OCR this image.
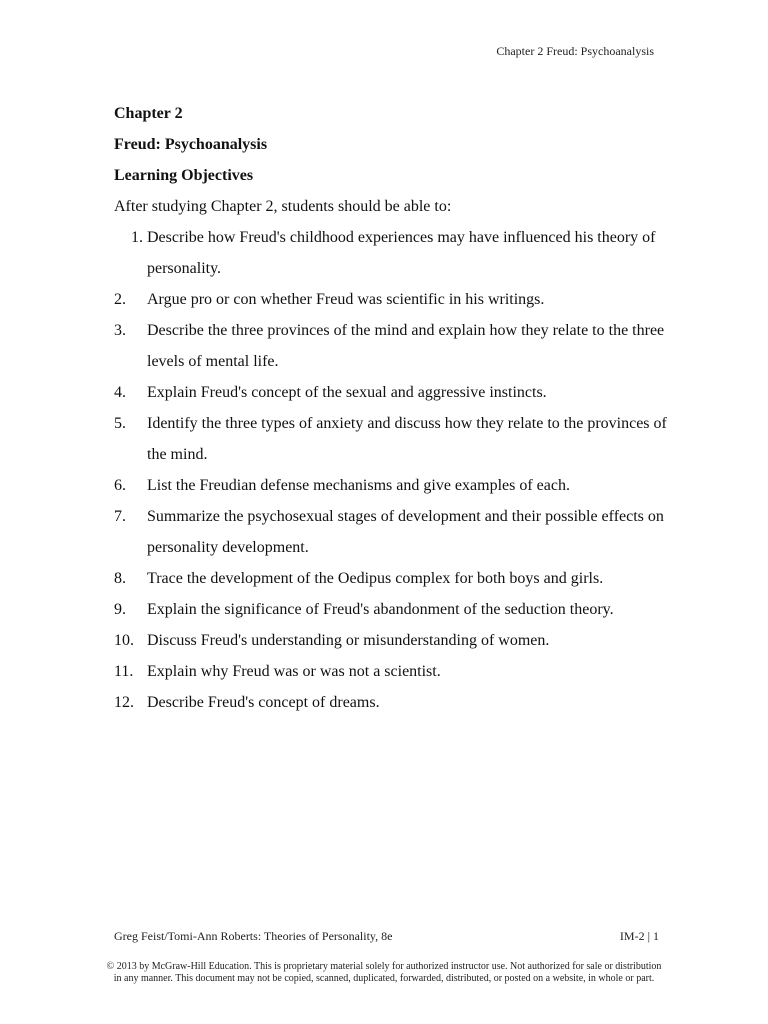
Chapter 2 Freud: Psychoanalysis
Chapter 2
Freud: Psychoanalysis
Learning Objectives
After studying Chapter 2, students should be able to:
1. Describe how Freud's childhood experiences may have influenced his theory of personality.
2.	Argue pro or con whether Freud was scientific in his writings.
3.	Describe the three provinces of the mind and explain how they relate to the three levels of mental life.
4.	Explain Freud's concept of the sexual and aggressive instincts.
5.	Identify the three types of anxiety and discuss how they relate to the provinces of the mind.
6.	List the Freudian defense mechanisms and give examples of each.
7.	Summarize the psychosexual stages of development and their possible effects on personality development.
8.	Trace the development of the Oedipus complex for both boys and girls.
9.	Explain the significance of Freud's abandonment of the seduction theory.
10. Discuss Freud's understanding or misunderstanding of women.
11. Explain why Freud was or was not a scientist.
12. Describe Freud's concept of dreams.
Greg Feist/Tomi-Ann Roberts: Theories of Personality, 8e	IM-2 | 1
© 2013 by McGraw-Hill Education. This is proprietary material solely for authorized instructor use. Not authorized for sale or distribution in any manner. This document may not be copied, scanned, duplicated, forwarded, distributed, or posted on a website, in whole or part.
